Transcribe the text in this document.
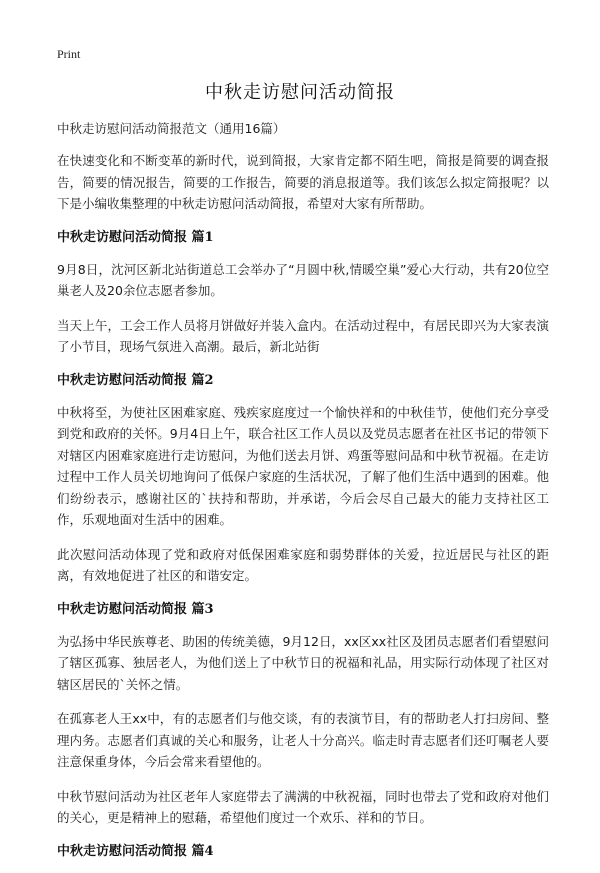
Print
中秋走访慰问活动简报

中秋走访慰问活动简报范文（通用16篇）

在快速变化和不断变革的新时代，说到简报，大家肯定都不陌生吧，简报是简要的调查报告，简要的情况报告，简要的工作报告，简要的消息报道等。我们该怎么拟定简报呢？以下是小编收集整理的中秋走访慰问活动简报，希望对大家有所帮助。

中秋走访慰问活动简报 篇1

9月8日，沈河区新北站街道总工会举办了“月圆中秋,情暖空巢”爱心大行动，共有20位空巢老人及20余位志愿者参加。

当天上午，工会工作人员将月饼做好并装入盒内。在活动过程中，有居民即兴为大家表演了小节目，现场气氛进入高潮。最后，新北站街

中秋走访慰问活动简报 篇2

中秋将至，为使社区困难家庭、残疾家庭度过一个愉快祥和的中秋佳节，使他们充分享受到党和政府的关怀。9月4日上午，联合社区工作人员以及党员志愿者在社区书记的带领下对辖区内困难家庭进行走访慰问，为他们送去月饼、鸡蛋等慰问品和中秋节祝福。在走访过程中工作人员关切地询问了低保户家庭的生活状况，了解了他们生活中遇到的困难。他们纷纷表示，感谢社区的`扶持和帮助，并承诺，今后会尽自己最大的能力支持社区工作，乐观地面对生活中的困难。

此次慰问活动体现了党和政府对低保困难家庭和弱势群体的关爱，拉近居民与社区的距离，有效地促进了社区的和谐安定。

中秋走访慰问活动简报 篇3

为弘扬中华民族尊老、助困的传统美德，9月12日，xx区xx社区及团员志愿者们看望慰问了辖区孤寡、独居老人，为他们送上了中秋节日的祝福和礼品，用实际行动体现了社区对辖区居民的`关怀之情。

在孤寡老人王xx中，有的志愿者们与他交谈，有的表演节目，有的帮助老人打扫房间、整理内务。志愿者们真诚的关心和服务，让老人十分高兴。临走时青志愿者们还叮嘱老人要注意保重身体，今后会常来看望他的。

中秋节慰问活动为社区老年人家庭带去了满满的中秋祝福，同时也带去了党和政府对他们的关心，更是精神上的慰藉，希望他们度过一个欢乐、祥和的节日。

中秋走访慰问活动简报 篇4
